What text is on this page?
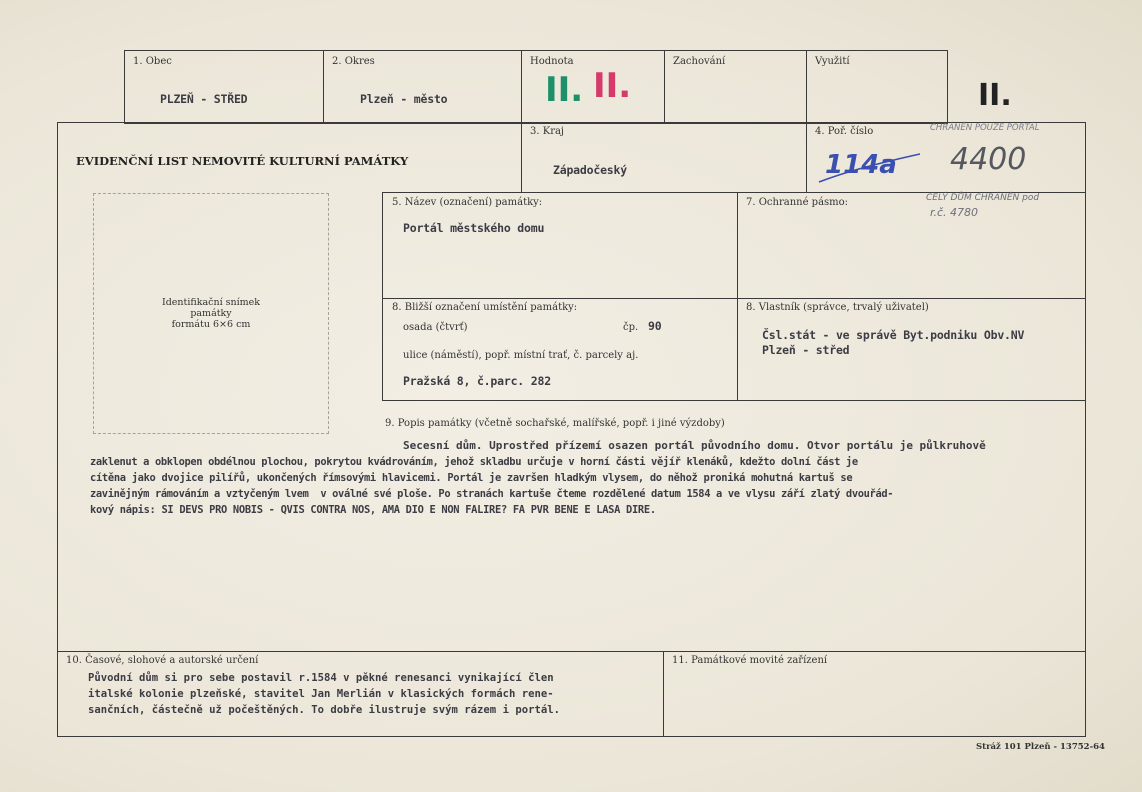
1. Obec
PLZEŇ - STŘED
2. Okres
Plzeň - město
Hodnota
II. II.
Zachování	Využití
II.
EVIDENČNÍ LIST NEMOVITÉ KULTURNÍ PAMÁTKY
3. Kraj
Západočeský
4. Poř. číslo	CHRÁNĚN POUZE PORTÁL
114a 4400
Identifikační snímek
památky
formátu 6×6 cm
5. Název (označení) památky:
Portál městského domu
7. Ochranné pásmo:	CELÝ DŮM CHRÁNĚN pod
r.č. 4780
8. Bližší označení umístění památky:
osada (čtvrť)	čp. 90
ulice (náměstí), popř. místní trať, č. parcely aj.
Pražská 8, č.parc. 282
8. Vlastník (správce, trvalý uživatel)
Čsl.stát - ve správě Byt.podniku Obv.NV
Plzeň - střed
9. Popis památky (včetně sochařské, malířské, popř. i jiné výzdoby)
Secesní dům. Uprostřed přízemí osazen portál původního domu. Otvor portálu je půlkruhově
zaklenut a obklopen obdélnou plochou, pokrytou kvádrováním, jehož skladbu určuje v horní části vějíř klenáků, kdežto dolní část je
cítěna jako dvojice pilířů, ukončených římsovými hlavicemi. Portál je završen hladkým vlysem, do něhož proniká mohutná kartuš se
zavinějným rámováním a vztyčeným lvem  v oválné své ploše. Po stranách kartuše čteme rozdělené datum 1584 a ve vlysu září zlatý dvouřád-
kový nápis: SI DEVS PRO NOBIS - QVIS CONTRA NOS, AMA DIO E NON FALIRE? FA PVR BENE E LASA DIRE.
10. Časové, slohové a autorské určení
Původní dům si pro sebe postavil r.1584 v pěkné renesanci vynikající člen
italské kolonie plzeňské, stavitel Jan Merlián v klasických formách rene-
sančních, částečně už počeštěných. To dobře ilustruje svým rázem i portál.
11. Památkové movité zařízení
Stráž 101 Plzeň - 13752-64
